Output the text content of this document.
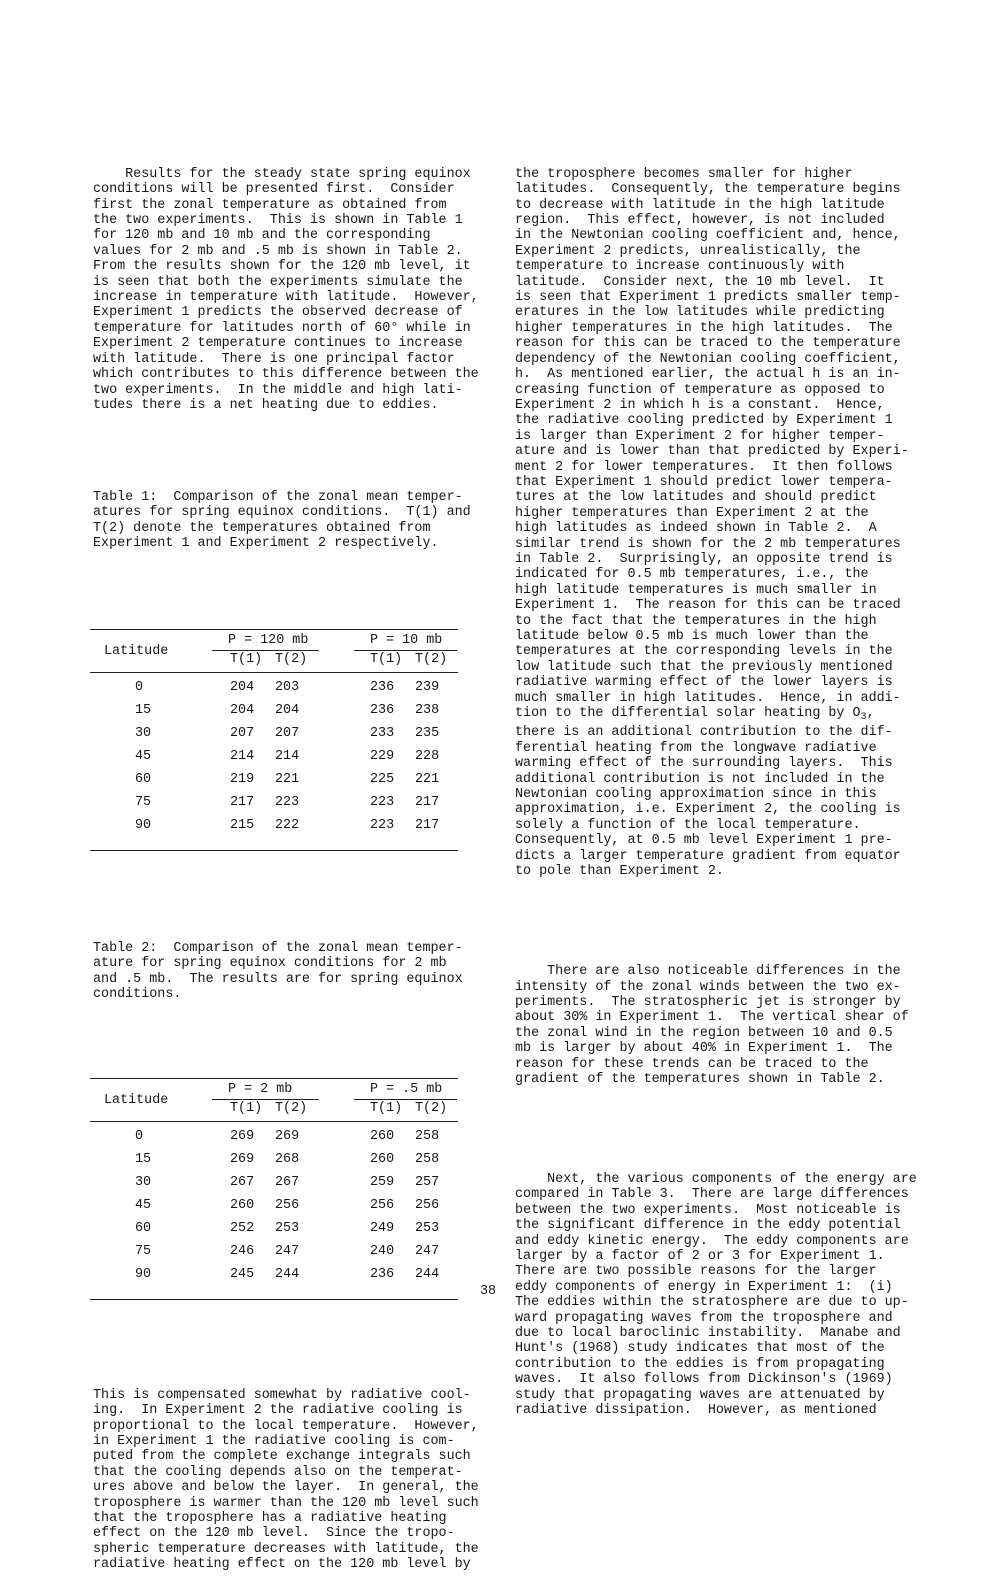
Results for the steady state spring equinox
conditions will be presented first.  Consider
first the zonal temperature as obtained from
the two experiments.  This is shown in Table 1
for 120 mb and 10 mb and the corresponding
values for 2 mb and .5 mb is shown in Table 2.
From the results shown for the 120 mb level, it
is seen that both the experiments simulate the
increase in temperature with latitude.  However,
Experiment 1 predicts the observed decrease of
temperature for latitudes north of 60° while in
Experiment 2 temperature continues to increase
with latitude.  There is one principal factor
which contributes to this difference between the
two experiments.  In the middle and high lati-
tudes there is a net heating due to eddies.

Table 1:  Comparison of the zonal mean temper-
atures for spring equinox conditions.  T(1) and
T(2) denote the temperatures obtained from
Experiment 1 and Experiment 2 respectively.

Latitude
P = 120 mb	P = 10 mb
T(1) T(2)	T(1) T(2)
0	204 203	236 239
15	204 204	236 238
30	207 207	233 235
45	214 214	229 228
60	219 221	225 221
75	217 223	223 217
90	215 222	223 217

Table 2:  Comparison of the zonal mean temper-
ature for spring equinox conditions for 2 mb
and .5 mb.  The results are for spring equinox
conditions.

Latitude
P = 2 mb	P = .5 mb
T(1) T(2)	T(1) T(2)
0	269 269	260 258
15	269 268	260 258
30	267 267	259 257
45	260 256	256 256
60	252 253	249 253
75	246 247	240 247
90	245 244	236 244

This is compensated somewhat by radiative cool-
ing.  In Experiment 2 the radiative cooling is
proportional to the local temperature.  However,
in Experiment 1 the radiative cooling is com-
puted from the complete exchange integrals such
that the cooling depends also on the temperat-
ures above and below the layer.  In general, the
troposphere is warmer than the 120 mb level such
that the troposphere has a radiative heating
effect on the 120 mb level.  Since the tropo-
spheric temperature decreases with latitude, the
radiative heating effect on the 120 mb level by

the troposphere becomes smaller for higher
latitudes.  Consequently, the temperature begins
to decrease with latitude in the high latitude
region.  This effect, however, is not included
in the Newtonian cooling coefficient and, hence,
Experiment 2 predicts, unrealistically, the
temperature to increase continuously with
latitude.  Consider next, the 10 mb level.  It
is seen that Experiment 1 predicts smaller temp-
eratures in the low latitudes while predicting
higher temperatures in the high latitudes.  The
reason for this can be traced to the temperature
dependency of the Newtonian cooling coefficient,
h.  As mentioned earlier, the actual h is an in-
creasing function of temperature as opposed to
Experiment 2 in which h is a constant.  Hence,
the radiative cooling predicted by Experiment 1
is larger than Experiment 2 for higher temper-
ature and is lower than that predicted by Experi-
ment 2 for lower temperatures.  It then follows
that Experiment 1 should predict lower tempera-
tures at the low latitudes and should predict
higher temperatures than Experiment 2 at the
high latitudes as indeed shown in Table 2.  A
similar trend is shown for the 2 mb temperatures
in Table 2.  Surprisingly, an opposite trend is
indicated for 0.5 mb temperatures, i.e., the
high latitude temperatures is much smaller in
Experiment 1.  The reason for this can be traced
to the fact that the temperatures in the high
latitude below 0.5 mb is much lower than the
temperatures at the corresponding levels in the
low latitude such that the previously mentioned
radiative warming effect of the lower layers is
much smaller in high latitudes.  Hence, in addi-
tion to the differential solar heating by $O_3$,
there is an additional contribution to the dif-
ferential heating from the longwave radiative
warming effect of the surrounding layers.  This
additional contribution is not included in the
Newtonian cooling approximation since in this
approximation, i.e. Experiment 2, the cooling is
solely a function of the local temperature.
Consequently, at 0.5 mb level Experiment 1 pre-
dicts a larger temperature gradient from equator
to pole than Experiment 2.

There are also noticeable differences in the
intensity of the zonal winds between the two ex-
periments.  The stratospheric jet is stronger by
about 30% in Experiment 1.  The vertical shear of
the zonal wind in the region between 10 and 0.5
mb is larger by about 40% in Experiment 1.  The
reason for these trends can be traced to the
gradient of the temperatures shown in Table 2.

Next, the various components of the energy are
compared in Table 3.  There are large differences
between the two experiments.  Most noticeable is
the significant difference in the eddy potential
and eddy kinetic energy.  The eddy components are
larger by a factor of 2 or 3 for Experiment 1.
There are two possible reasons for the larger
eddy components of energy in Experiment 1:  (i)
The eddies within the stratosphere are due to up-
ward propagating waves from the troposphere and
due to local baroclinic instability.  Manabe and
Hunt's (1968) study indicates that most of the
contribution to the eddies is from propagating
waves.  It also follows from Dickinson's (1969)
study that propagating waves are attenuated by
radiative dissipation.  However, as mentioned

38
